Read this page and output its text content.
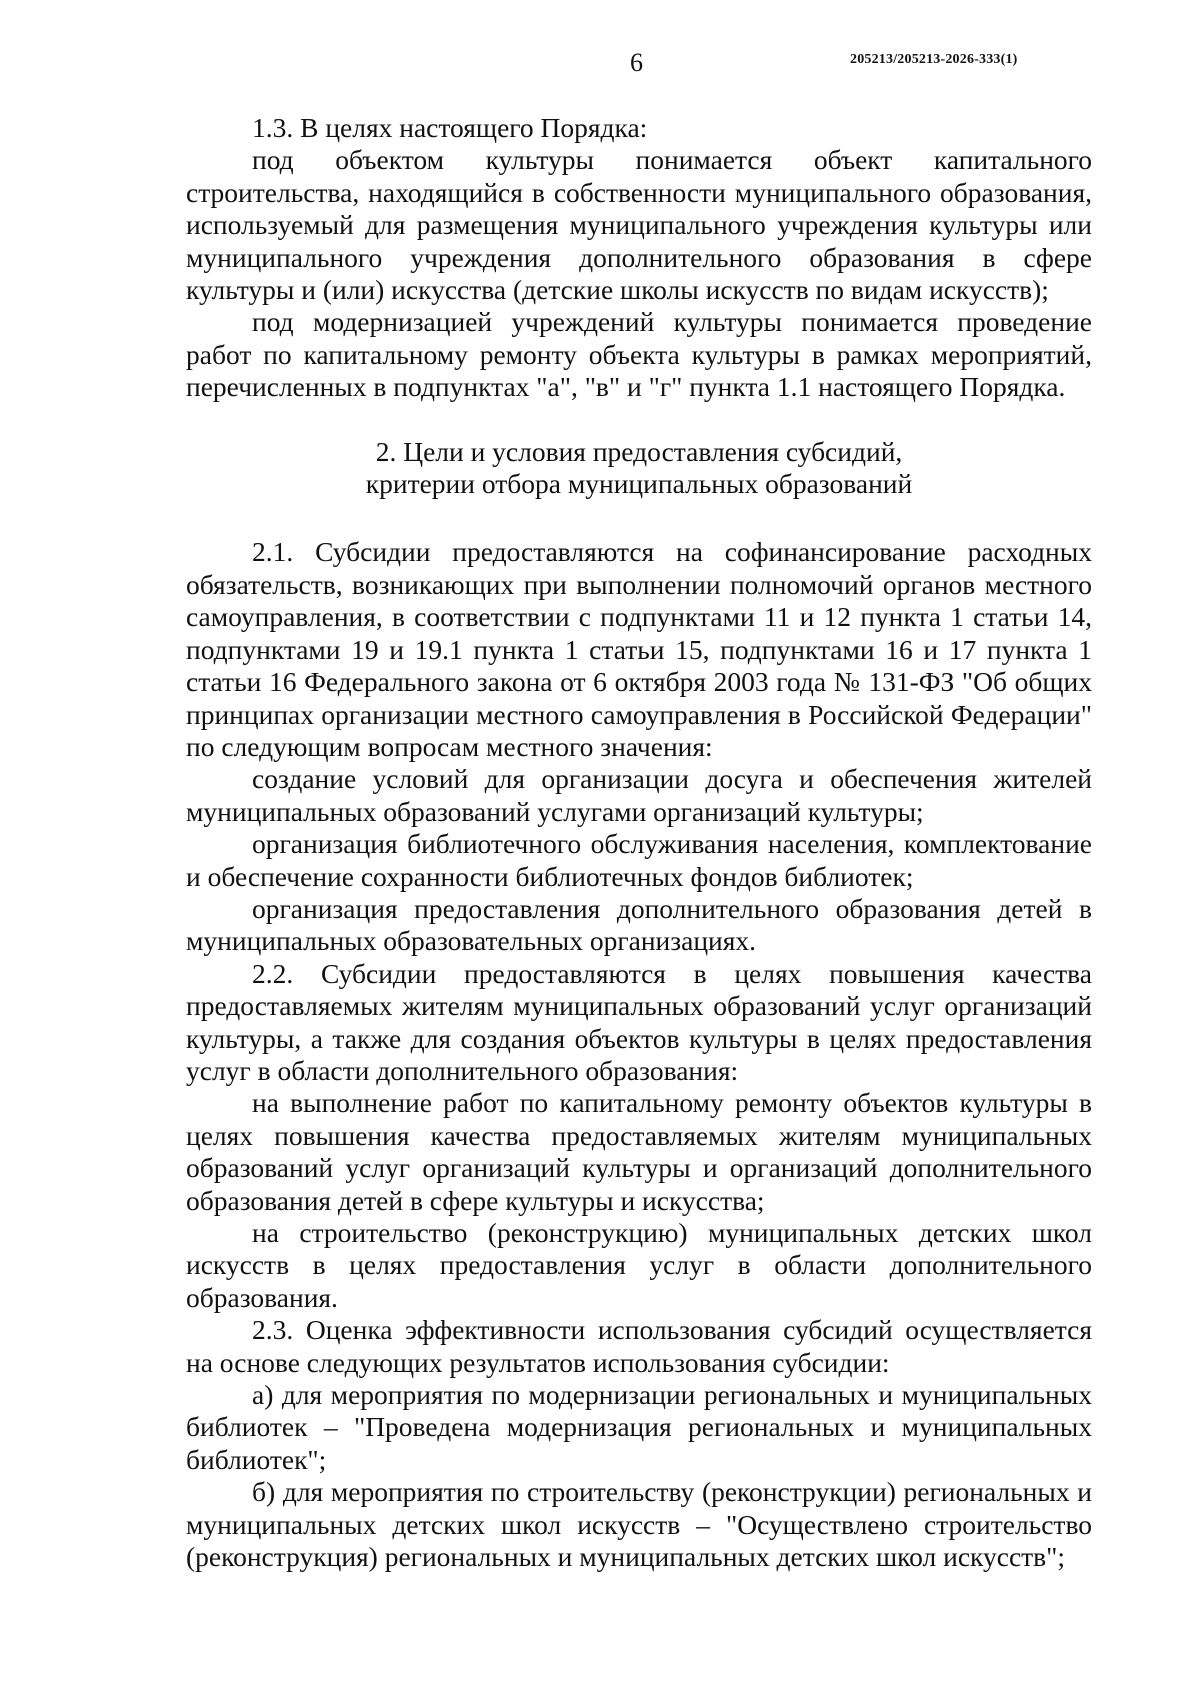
6	205213/205213-2026-333(1)

1.3. В целях настоящего Порядка:

под объектом культуры понимается объект капитального строительства, находящийся в собственности муниципального образования, используемый для размещения муниципального учреждения культуры или муниципального учреждения дополнительного образования в сфере культуры и (или) искусства (детские школы искусств по видам искусств);

под модернизацией учреждений культуры понимается проведение работ по капитальному ремонту объекта культуры в рамках мероприятий, перечисленных в подпунктах "а", "в" и "г" пункта 1.1 настоящего Порядка.

2. Цели и условия предоставления субсидий,
критерии отбора муниципальных образований

2.1. Субсидии предоставляются на софинансирование расходных обязательств, возникающих при выполнении полномочий органов местного самоуправления, в соответствии с подпунктами 11 и 12 пункта 1 статьи 14, подпунктами 19 и 19.1 пункта 1 статьи 15, подпунктами 16 и 17 пункта 1 статьи 16 Федерального закона от 6 октября 2003 года № 131-ФЗ "Об общих принципах организации местного самоуправления в Российской Федерации" по следующим вопросам местного значения:

создание условий для организации досуга и обеспечения жителей муниципальных образований услугами организаций культуры;

организация библиотечного обслуживания населения, комплектование и обеспечение сохранности библиотечных фондов библиотек;

организация предоставления дополнительного образования детей в муниципальных образовательных организациях.

2.2. Субсидии предоставляются в целях повышения качества предоставляемых жителям муниципальных образований услуг организаций культуры, а также для создания объектов культуры в целях предоставления услуг в области дополнительного образования:

на выполнение работ по капитальному ремонту объектов культуры в целях повышения качества предоставляемых жителям муниципальных образований услуг организаций культуры и организаций дополнительного образования детей в сфере культуры и искусства;

на строительство (реконструкцию) муниципальных детских школ искусств в целях предоставления услуг в области дополнительного образования.

2.3. Оценка эффективности использования субсидий осуществляется на основе следующих результатов использования субсидии:

а) для мероприятия по модернизации региональных и муниципальных библиотек – "Проведена модернизация региональных и муниципальных библиотек";

б) для мероприятия по строительству (реконструкции) региональных и муниципальных детских школ искусств – "Осуществлено строительство (реконструкция) региональных и муниципальных детских школ искусств";
